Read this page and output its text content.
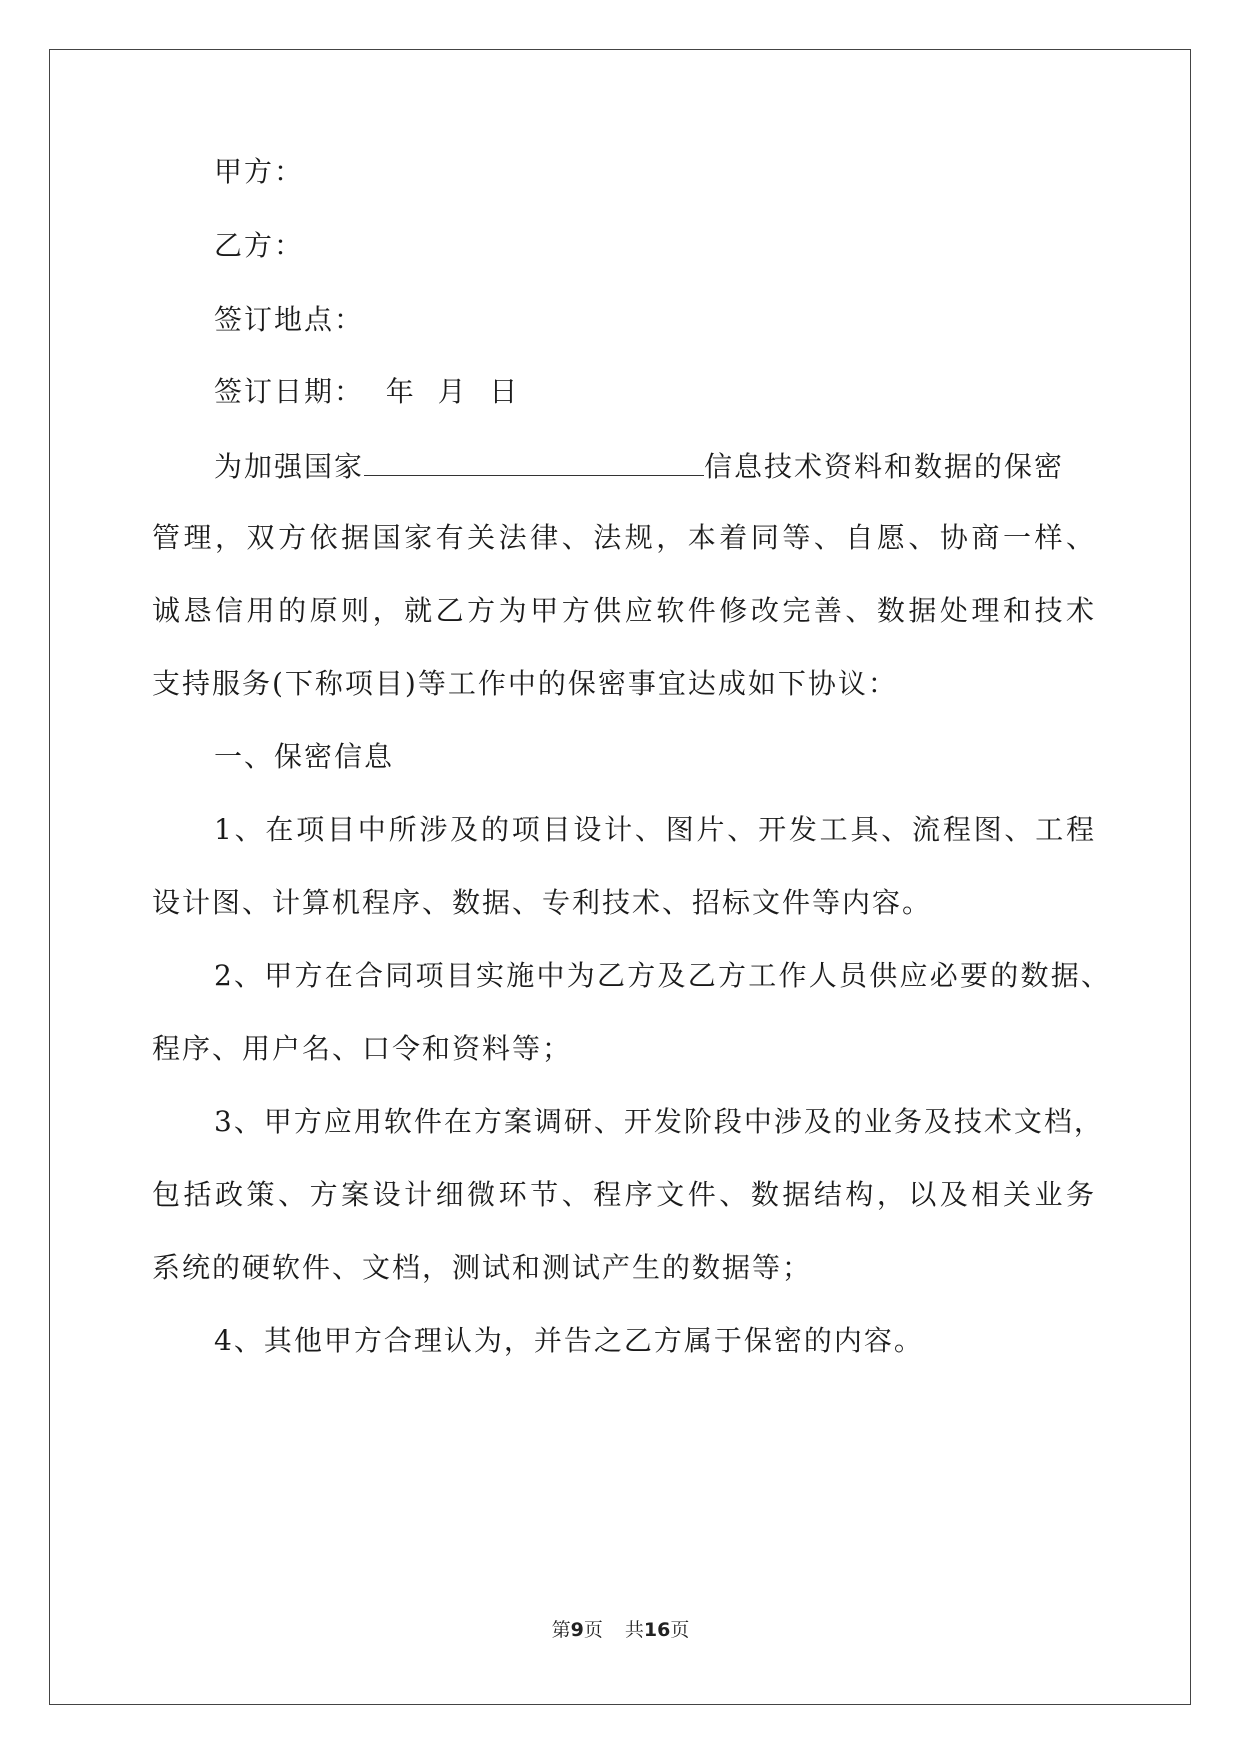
甲方：
乙方：
签订地点：
签订日期：  年  月  日
为加强国家	信息技术资料和数据的保密
管理，双方依据国家有关法律、法规，本着同等、自愿、协商一样、
诚恳信用的原则，就乙方为甲方供应软件修改完善、数据处理和技术
支持服务(下称项目)等工作中的保密事宜达成如下协议：
一、保密信息
1、在项目中所涉及的项目设计、图片、开发工具、流程图、工程
设计图、计算机程序、数据、专利技术、招标文件等内容。
2、甲方在合同项目实施中为乙方及乙方工作人员供应必要的数据、
程序、用户名、口令和资料等；
3、甲方应用软件在方案调研、开发阶段中涉及的业务及技术文档，
包括政策、方案设计细微环节、程序文件、数据结构，以及相关业务
系统的硬软件、文档，测试和测试产生的数据等；
4、其他甲方合理认为，并告之乙方属于保密的内容。
第9页 共16页
